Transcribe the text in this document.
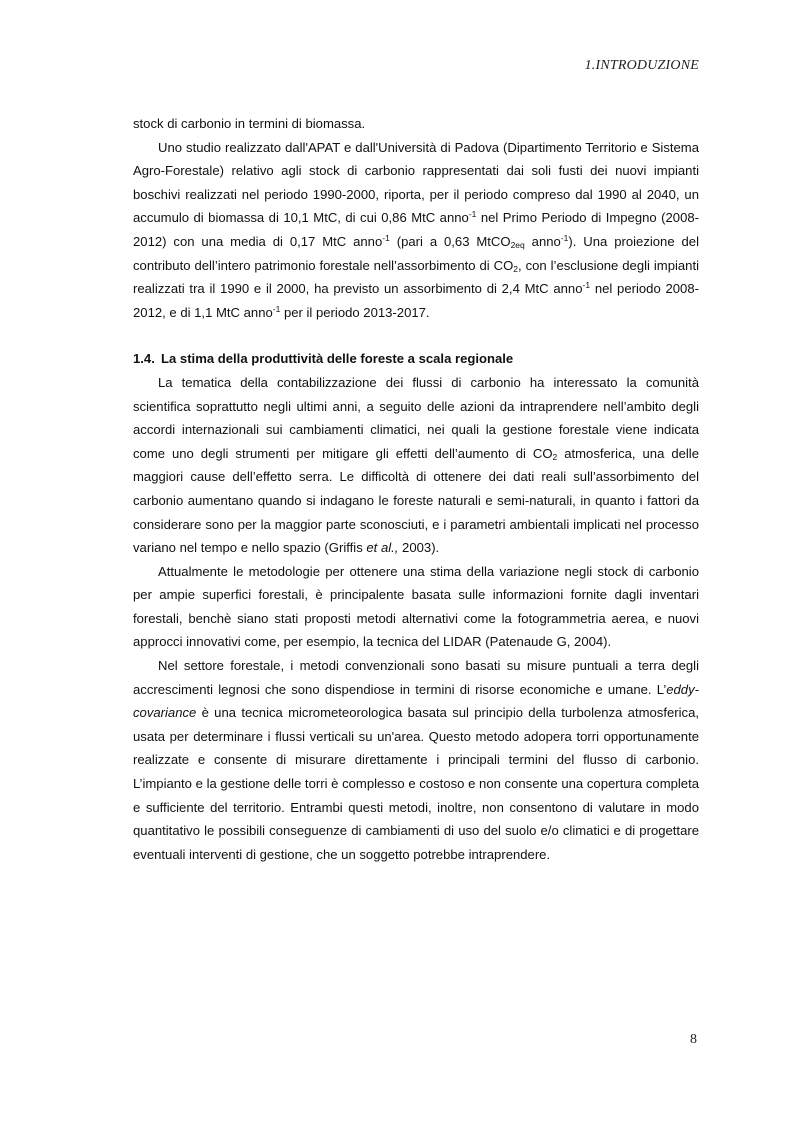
1.INTRODUZIONE

stock di carbonio in termini di biomassa.

Uno studio realizzato dall'APAT e dall'Università di Padova (Dipartimento Territorio e Sistema Agro-Forestale) relativo agli stock di carbonio rappresentati dai soli fusti dei nuovi impianti boschivi realizzati nel periodo 1990-2000, riporta, per il periodo compreso dal 1990 al 2040, un accumulo di biomassa di 10,1 MtC, di cui 0,86 MtC anno$^{-1}$ nel Primo Periodo di Impegno (2008-2012) con una media di 0,17 MtC anno$^{-1}$ (pari a 0,63 MtCO$_{2eq}$ anno$^{-1}$). Una proiezione del contributo dell’intero patrimonio forestale nell’assorbimento di $CO_2$, con l’esclusione degli impianti realizzati tra il 1990 e il 2000, ha previsto un assorbimento di 2,4 MtC anno$^{-1}$ nel periodo 2008-2012, e di 1,1 MtC anno$^{-1}$ per il periodo 2013-2017.

1.4. La stima della produttività delle foreste a scala regionale

La tematica della contabilizzazione dei flussi di carbonio ha interessato la comunità scientifica soprattutto negli ultimi anni, a seguito delle azioni da intraprendere nell’ambito degli accordi internazionali sui cambiamenti climatici, nei quali la gestione forestale viene indicata come uno degli strumenti per mitigare gli effetti dell’aumento di $CO_2$ atmosferica, una delle maggiori cause dell’effetto serra. Le difficoltà di ottenere dei dati reali sull’assorbimento del carbonio aumentano quando si indagano le foreste naturali e semi-naturali, in quanto i fattori da considerare sono per la maggior parte sconosciuti, e i parametri ambientali implicati nel processo variano nel tempo e nello spazio (Griffis et al., 2003).

Attualmente le metodologie per ottenere una stima della variazione negli stock di carbonio per ampie superfici forestali, è principalente basata sulle informazioni fornite dagli inventari forestali, benchè siano stati proposti metodi alternativi come la fotogrammetria aerea, e nuovi approcci innovativi come, per esempio, la tecnica del LIDAR (Patenaude G, 2004).

Nel settore forestale, i metodi convenzionali sono basati su misure puntuali a terra degli accrescimenti legnosi che sono dispendiose in termini di risorse economiche e umane. L’eddy-covariance è una tecnica micrometeorologica basata sul principio della turbolenza atmosferica, usata per determinare i flussi verticali su un'area. Questo metodo adopera torri opportunamente realizzate e consente di misurare direttamente i principali termini del flusso di carbonio. L’impianto e la gestione delle torri è complesso e costoso e non consente una copertura completa e sufficiente del territorio. Entrambi questi metodi, inoltre, non consentono di valutare in modo quantitativo le possibili conseguenze di cambiamenti di uso del suolo e/o climatici e di progettare eventuali interventi di gestione, che un soggetto potrebbe intraprendere.

8
